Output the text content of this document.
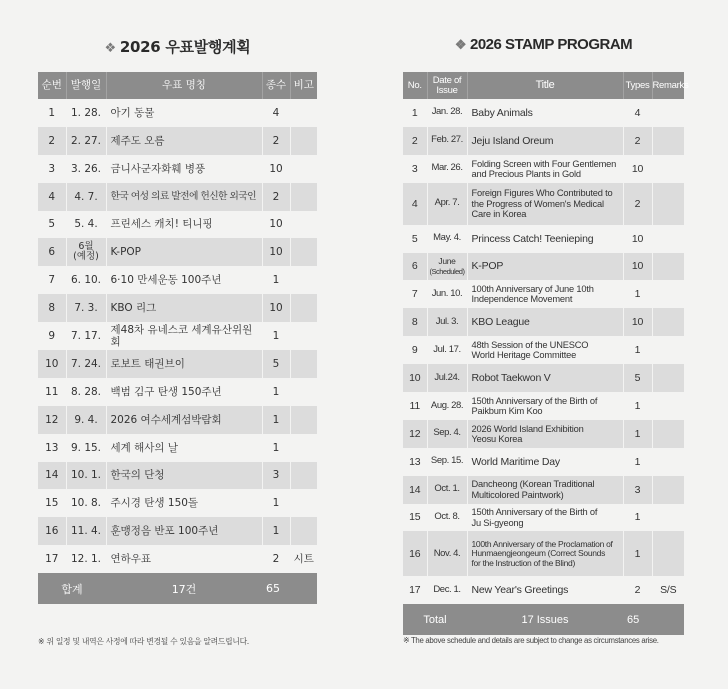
❖ 2026 우표발행계획
순번	발행일	우표 명칭	종수	비고
1	1. 28.	아기 동물	4	
2	2. 27.	제주도 오름	2	
3	3. 26.	금니사군자화훼 병풍	10	
4	4. 7.	한국 여성 의료 발전에 헌신한 외국인	2	
5	5. 4.	프린세스 캐치! 티니핑	10	
6	6월
(예정)	K-POP	10	
7	6. 10.	6·10 만세운동 100주년	1	
8	7. 3.	KBO 리그	10	
9	7. 17.	제48차 유네스코 세계유산위원회	1	
10	7. 24.	로보트 태권브이	5	
11	8. 28.	백범 김구 탄생 150주년	1	
12	9. 4.	2026 여수세계섬박람회	1	
13	9. 15.	세계 해사의 날	1	
14	10. 1.	한국의 단청	3	
15	10. 8.	주시경 탄생 150돌	1	
16	11. 4.	훈맹정음 반포 100주년	1	
17	12. 1.	연하우표	2	시트
합계		17건	65	
※ 위 일정 및 내역은 사정에 따라 변경될 수 있음을 알려드립니다.
❖ 2026 STAMP PROGRAM
No.	Date of
Issue	Title	Types	Remarks
1	Jan. 28.	Baby Animals	4	
2	Feb. 27.	Jeju Island Oreum	2	
3	Mar. 26.	Folding Screen with Four Gentlemen
and Precious Plants in Gold	10	
4	Apr. 7.	Foreign Figures Who Contributed to
the Progress of Women's Medical
Care in Korea	2	
5	May. 4.	Princess Catch! Teenieping	10	
6	June
(Scheduled)	K-POP	10	
7	Jun. 10.	100th Anniversary of June 10th
Independence Movement	1	
8	Jul. 3.	KBO League	10	
9	Jul. 17.	48th Session of the UNESCO
World Heritage Committee	1	
10	Jul.24.	Robot Taekwon V	5	
11	Aug. 28.	150th Anniversary of the Birth of
Paikbum Kim Koo	1	
12	Sep. 4.	2026 World Island Exhibition
Yeosu Korea	1	
13	Sep. 15.	World Maritime Day	1	
14	Oct. 1.	Dancheong (Korean Traditional
Multicolored Paintwork)	3	
15	Oct. 8.	150th Anniversary of the Birth of
Ju Si-gyeong	1	
16	Nov. 4.	100th Anniversary of the Proclamation of
Hunmaengjeongeum (Correct Sounds
for the Instruction of the Blind)	1	
17	Dec. 1.	New Year's Greetings	2	S/S
Total		17 Issues	65	
※ The above schedule and details are subject to change as circumstances arise.
